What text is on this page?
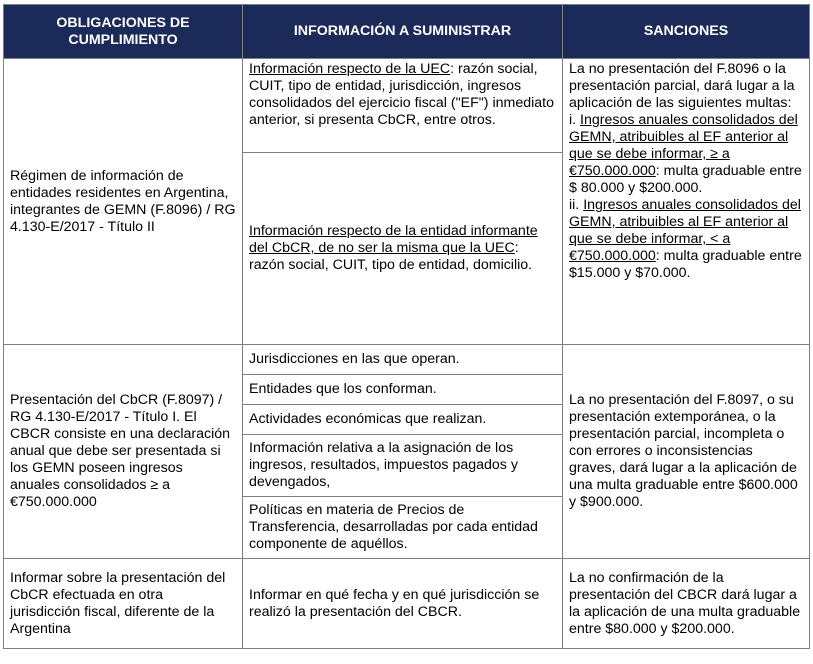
OBLIGACIONES DE CUMPLIMIENTO	INFORMACIÓN A SUMINISTRAR	SANCIONES
Régimen de información de entidades residentes en Argentina, integrantes de GEMN (F.8096) / RG 4.130-E/2017 - Título II	Información respecto de la UEC: razón social, CUIT, tipo de entidad, jurisdicción, ingresos consolidados del ejercicio fiscal ("EF") inmediato anterior, si presenta CbCR, entre otros.	La no presentación del F.8096 o la presentación parcial, dará lugar a la aplicación de las siguientes multas:
i. Ingresos anuales consolidados del GEMN, atribuibles al EF anterior al que se debe informar, ≥ a €750.000.000: multa graduable entre $ 80.000 y $200.000.
ii. Ingresos anuales consolidados del GEMN, atribuibles al EF anterior al que se debe informar, < a €750.000.000: multa graduable entre $15.000 y $70.000.
	Información respecto de la entidad informante del CbCR, de no ser la misma que la UEC: razón social, CUIT, tipo de entidad, domicilio.	
Presentación del CbCR (F.8097) / RG 4.130-E/2017 - Título I. El CBCR consiste en una declaración anual que debe ser presentada si los GEMN poseen ingresos anuales consolidados ≥ a €750.000.000	Jurisdicciones en las que operan.	La no presentación del F.8097, o su presentación extemporánea, o la presentación parcial, incompleta o con errores o inconsistencias graves, dará lugar a la aplicación de una multa graduable entre $600.000 y $900.000.
	Entidades que los conforman.	
	Actividades económicas que realizan.	
	Información relativa a la asignación de los ingresos, resultados, impuestos pagados y devengados,	
	Políticas en materia de Precios de Transferencia, desarrolladas por cada entidad componente de aquéllos.	
Informar sobre la presentación del CbCR efectuada en otra jurisdicción fiscal, diferente de la Argentina	Informar en qué fecha y en qué jurisdicción se realizó la presentación del CBCR.	La no confirmación de la presentación del CBCR dará lugar a la aplicación de una multa graduable entre $80.000 y $200.000.
